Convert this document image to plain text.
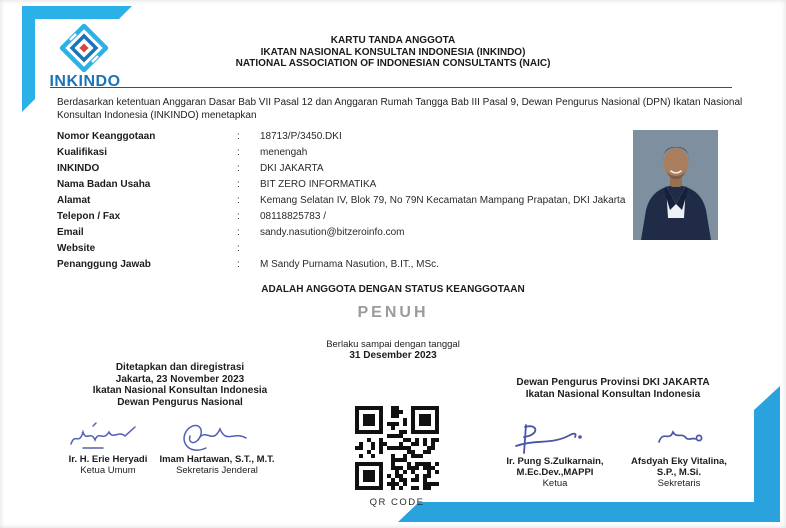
INKINDO
KARTU TANDA ANGGOTA
IKATAN NASIONAL KONSULTAN INDONESIA (INKINDO)
NATIONAL ASSOCIATION OF INDONESIAN CONSULTANTS (NAIC)
Berdasarkan ketentuan Anggaran Dasar Bab VII Pasal 12 dan Anggaran Rumah Tangga Bab III Pasal 9, Dewan Pengurus Nasional (DPN) Ikatan Nasional Konsultan Indonesia (INKINDO) menetapkan
Nomor Keanggotaan	: 18713/P/3450.DKI
Kualifikasi	: menengah
INKINDO	: DKI JAKARTA
Nama Badan Usaha	: BIT ZERO INFORMATIKA
Alamat	: Kemang Selatan IV, Blok 79, No 79N Kecamatan Mampang Prapatan, DKI Jakarta
Telepon / Fax	: 08118825783 /
Email	: sandy.nasution@bitzeroinfo.com
Website	:
Penanggung Jawab	: M Sandy Purnama Nasution, B.IT., MSc.
ADALAH ANGGOTA DENGAN STATUS KEANGGOTAAN
PENUH
Berlaku sampai dengan tanggal
31 Desember 2023
Ditetapkan dan diregistrasi
Jakarta, 23 November 2023
Ikatan Nasional Konsultan Indonesia
Dewan Pengurus Nasional
Dewan Pengurus Provinsi DKI JAKARTA
Ikatan Nasional Konsultan Indonesia
Ir. H. Erie Heryadi
Ketua Umum
Imam Hartawan, S.T., M.T.
Sekretaris Jenderal
QR CODE
Ir. Pung S.Zulkarnain,
M.Ec.Dev.,MAPPI
Ketua
Afsdyah Eky Vitalina,
S.P., M.Si.
Sekretaris
